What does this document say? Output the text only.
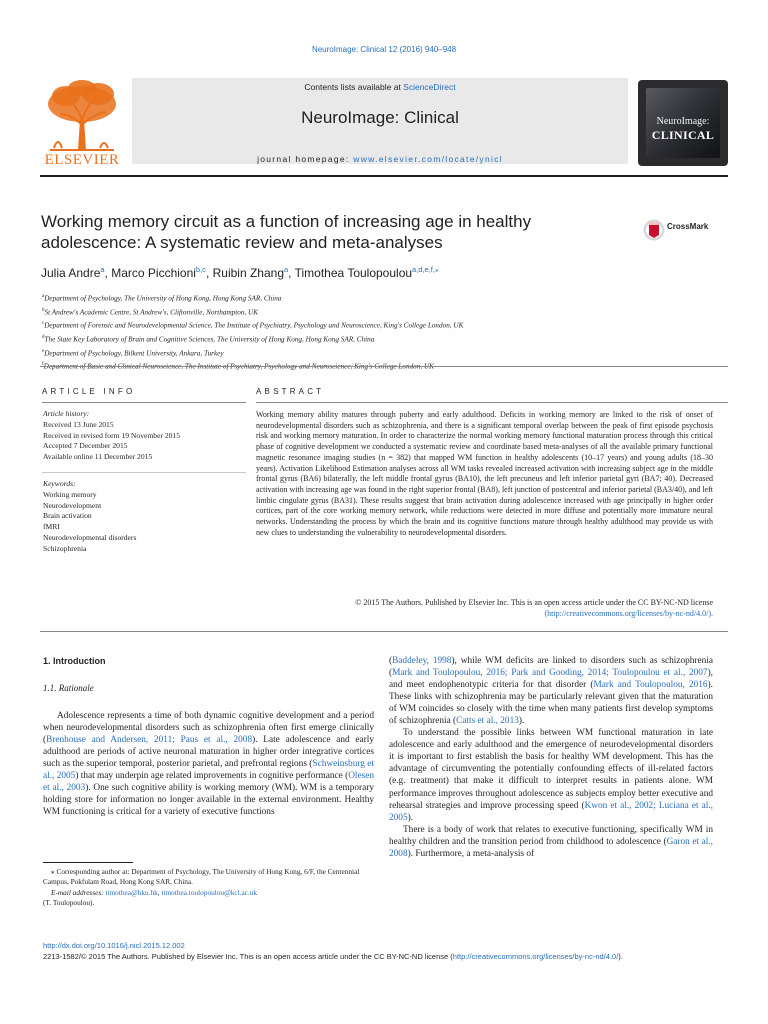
NeuroImage: Clinical 12 (2016) 940–948
ELSEVIER
Contents lists available at ScienceDirect
NeuroImage: Clinical
journal homepage: www.elsevier.com/locate/ynicl
NeuroImage:
CLINICAL
Working memory circuit as a function of increasing age in healthy adolescence: A systematic review and meta-analyses
CrossMark
Julia Andre$^a$, Marco Picchioni$^{b,c}$, Ruibin Zhang$^a$, Timothea Toulopoulou$^{a,d,e,f,⁎}$
$^a$Department of Psychology, The University of Hong Kong, Hong Kong SAR, China
$^b$St Andrew's Academic Centre, St Andrew's, Cliftonville, Northampton, UK
$^c$Department of Forensic and Neurodevelopmental Science, The Institute of Psychiatry, Psychology and Neuroscience, King's College London, UK
$^d$The State Key Laboratory of Brain and Cognitive Sciences, The University of Hong Kong, Hong Kong SAR, China
$^e$Department of Psychology, Bilkent University, Ankara, Turkey
$^f$
ARTICLE INFO	ABSTRACT
Article history:
Received 13 June 2015
Received in revised form 19 November 2015
Accepted 7 December 2015
Available online 11 December 2015
Keywords:
Working memory
Neurodevelopment
Brain activation
fMRI
Neurodevelopmental disorders
Schizophrenia
Working memory ability matures through puberty and early adulthood. Deficits in working memory are linked to the risk of onset of neurodevelopmental disorders such as schizophrenia, and there is a significant temporal overlap between the peak of first episode psychosis risk and working memory maturation. In order to characterize the normal working memory functional maturation process through this critical phase of cognitive development we conducted a systematic review and coordinate based meta-analyses of all the available primary functional magnetic resonance imaging studies (n = 382) that mapped WM function in healthy adolescents (10–17 years) and young adults (18–30 years). Activation Likelihood Estimation analyses across all WM tasks revealed increased activation with increasing subject age in the middle frontal gyrus (BA6) bilaterally, the left middle frontal gyrus (BA10), the left precuneus and left inferior parietal gyri (BA7; 40). Decreased activation with increasing age was found in the right superior frontal (BA8), left junction of postcentral and inferior parietal (BA3/40), and left limbic cingulate gyrus (BA31). These results suggest that brain activation during adolescence increased with age principally in higher order cortices, part of the core working memory network, while reductions were detected in more diffuse and potentially more immature neural networks. Understanding the process by which the brain and its cognitive functions mature through healthy adulthood may provide us with new clues to understanding the vulnerability to neurodevelopmental disorders.
© 2015 The Authors. Published by Elsevier Inc. This is an open access article under the CC BY-NC-ND license
(http://creativecommons.org/licenses/by-nc-nd/4.0/).
1. Introduction
1.1. Rationale
Adolescence represents a time of both dynamic cognitive development and a period when neurodevelopmental disorders such as schizophrenia often first emerge clinically (Brenhouse and Andersen, 2011; Paus et al., 2008). Late adolescence and early adulthood are periods of active neuronal maturation in higher order integrative cortices such as the superior temporal, posterior parietal, and prefrontal regions (Schweinsburg et al., 2005) that may underpin age related improvements in cognitive performance (Olesen et al., 2003). One such cognitive ability is working memory (WM). WM is a temporary holding store for information no longer available in the external environment. Healthy WM functioning is critical for a variety of executive functions

(Baddeley, 1998), while WM deficits are linked to disorders such as schizophrenia (Mark and Toulopoulou, 2016; Park and Gooding, 2014; Toulopoulou et al., 2007), and meet endophenotypic criteria for that disorder (Mark and Toulopoulou, 2016). These links with schizophrenia may be particularly relevant given that the maturation of WM coincides so closely with the time when many patients first develop symptoms of schizophrenia (Catts et al., 2013).

To understand the possible links between WM functional maturation in late adolescence and early adulthood and the emergence of neurodevelopmental disorders it is important to first establish the basis for healthy WM development. This has the advantage of circumventing the potentially confounding effects of ill-related factors (e.g. treatment) that make it difficult to interpret results in patients alone. WM performance improves throughout adolescence as subjects employ better executive and rehearsal strategies and improve processing speed (Kwon et al., 2002; Luciana et al., 2005).

There is a body of work that relates to executive functioning, specifically WM in healthy children and the transition period from childhood to adolescence (Garon et al., 2008). Furthermore, a meta-analysis of

⁎ Corresponding author at: Department of Psychology, The University of Hong Kong, 6/F, the Centennial Campus, Pokfulam Road, Hong Kong SAR, China.
E-mail addresses: timothea@hku.hk, timothea.toulopoulou@kcl.ac.uk
(T. Toulopoulou).
http://dx.doi.org/10.1016/j.nicl.2015.12.002
2213-1582/© 2015 The Authors. Published by Elsevier Inc. This is an open access article under the CC BY-NC-ND license (http://creativecommons.org/licenses/by-nc-nd/4.0/).
